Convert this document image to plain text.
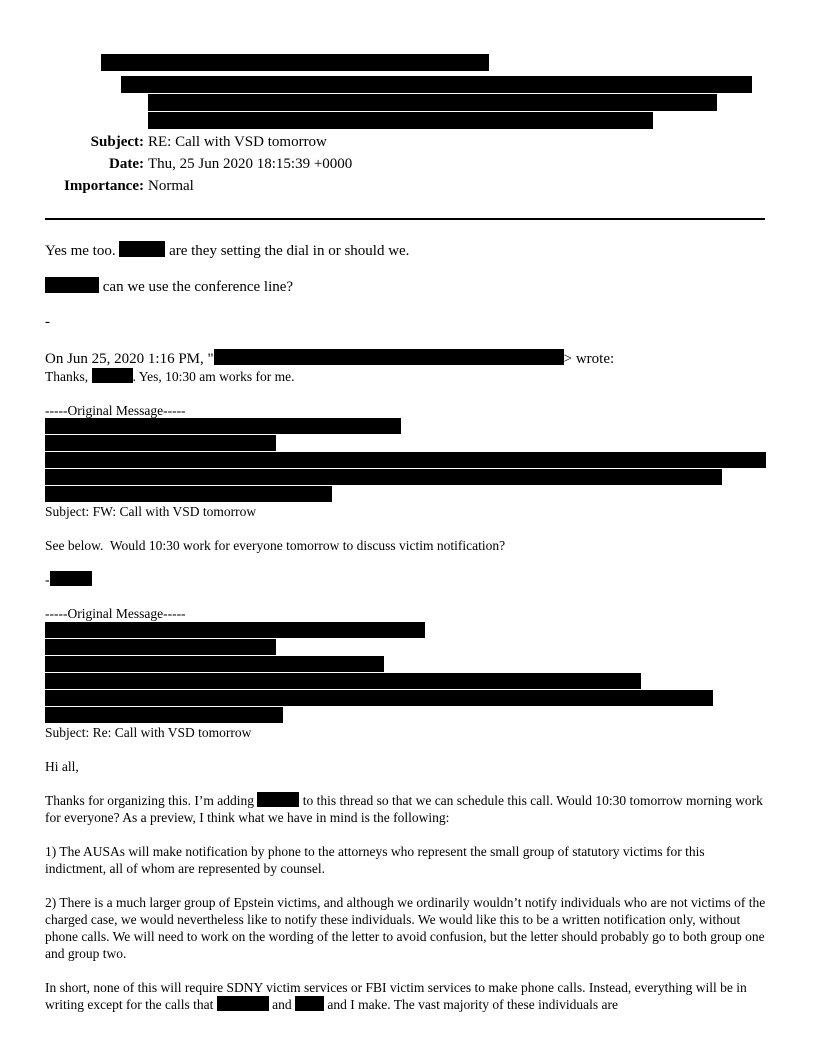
Subject: RE: Call with VSD tomorrow
Date: Thu, 25 Jun 2020 18:15:39 +0000
Importance: Normal
Yes me too.	are they setting the dial in or should we.
can we use the conference line?
-
On Jun 25, 2020 1:16 PM, "	> wrote:
Thanks,	. Yes, 10:30 am works for me.
-----Original Message-----
Subject: FW: Call with VSD tomorrow
See below.  Would 10:30 work for everyone tomorrow to discuss victim notification?
-
-----Original Message-----
Subject: Re: Call with VSD tomorrow
Hi all,
Thanks for organizing this. I’m adding	to this thread so that we can schedule this call. Would 10:30 tomorrow morning work for everyone? As a preview, I think what we have in mind is the following:
1) The AUSAs will make notification by phone to the attorneys who represent the small group of statutory victims for this indictment, all of whom are represented by counsel.
2) There is a much larger group of Epstein victims, and although we ordinarily wouldn’t notify individuals who are not victims of the charged case, we would nevertheless like to notify these individuals. We would like this to be a written notification only, without phone calls. We will need to work on the wording of the letter to avoid confusion, but the letter should probably go to both group one and group two.
In short, none of this will require SDNY victim services or FBI victim services to make phone calls. Instead, everything will be in writing except for the calls that	and	and I make. The vast majority of these individuals are
